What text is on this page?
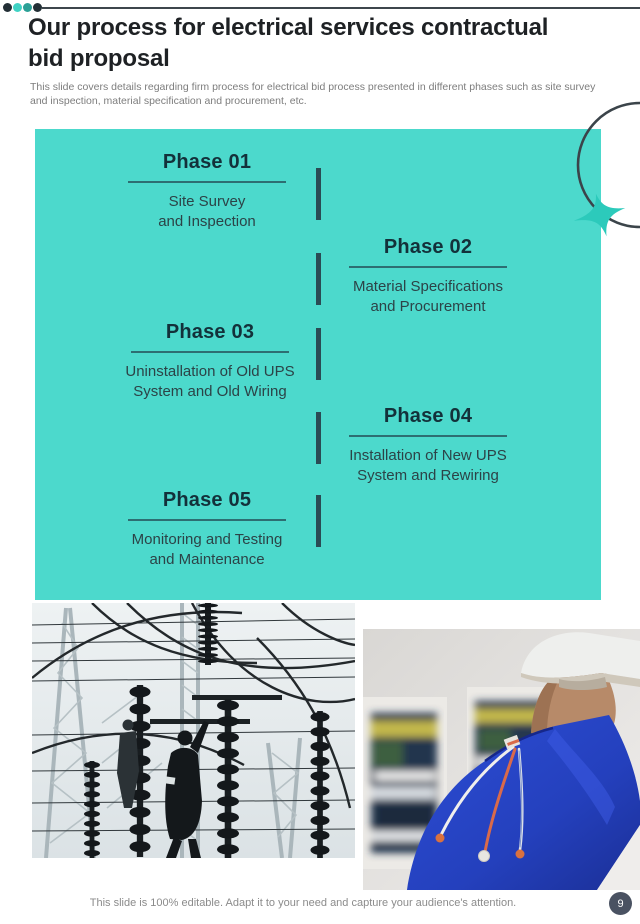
Our process for electrical services contractual
bid proposal
This slide covers details regarding firm process for electrical bid process presented in different phases such as site survey
and inspection, material specification and procurement, etc.
Phase 01
Site Survey
and Inspection
Phase 02
Material Specifications
and Procurement
Phase 03
Uninstallation of Old UPS
System and Old Wiring
Phase 04
Installation of New UPS
System and Rewiring
Phase 05
Monitoring and Testing
and Maintenance
This slide is 100% editable. Adapt it to your need and capture your audience's attention.	9
